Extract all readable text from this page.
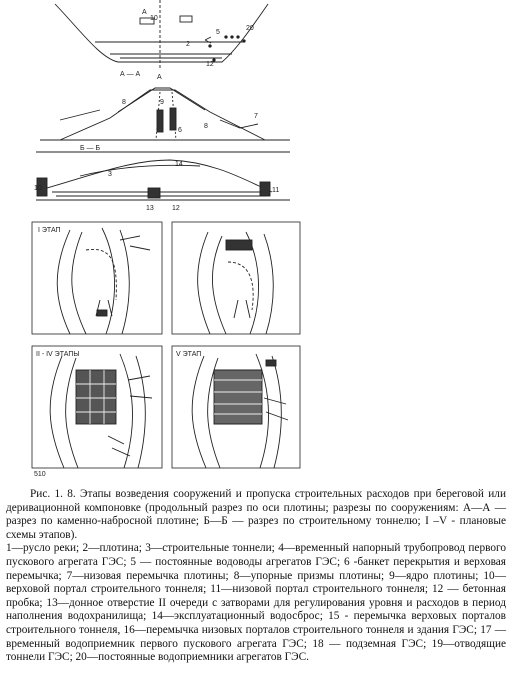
А
А
10
2
5
20
12
А — А
8	9
8
7
6
Б — Б
14
3
10
13	12
11
I ЭТАП
II - IV ЭТАПЫ	V ЭТАП
510
Рис. 1. 8. Этапы возведения сооружений и пропуска строительных расходов при береговой или деривационной компоновке (продольный разрез по оси плотины; разрезы по сооружениям: А—А — разрез по каменно-набросной плотине; Б—Б — разрез по строительному тоннелю; I –V - плановые схемы этапов).
1—русло реки; 2—плотина; 3—строительные тоннели; 4—временный напорный трубопровод первого пускового агрегата ГЭС; 5 — постоянные водоводы агрегатов ГЭС; 6 -банкет перекрытия и верховая перемычка; 7—низовая перемычка плотины; 8—упорные призмы плотины; 9—ядро плотины; 10—верховой портал строительного тоннеля; 11—низовой портал строительного тоннеля; 12 — бетонная пробка; 13—донное отверстие II очереди с затворами для регулирования уровня и расходов в период наполнения водохранилища; 14—эксплуатационный водосброс; 15 - перемычка верховых порталов строительного тоннеля, 16—перемычка низовых порталов строительного тоннеля и здания ГЭС; 17 — временный водоприемник первого пускового агрегата ГЭС; 18 — подземная ГЭС; 19—отводящие тоннели ГЭС; 20—постоянные водоприемники агрегатов ГЭС.
